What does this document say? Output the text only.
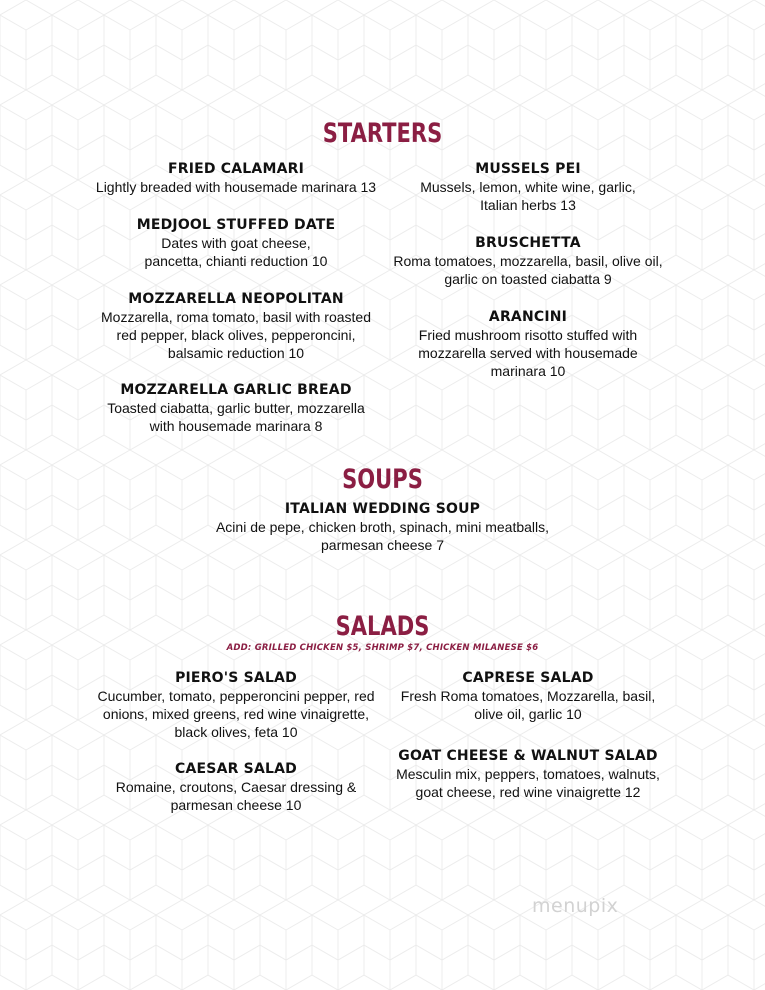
STARTERS
FRIED CALAMARI
Lightly breaded with housemade marinara 13
MEDJOOL STUFFED DATE
Dates with goat cheese, pancetta, chianti reduction 10
MOZZARELLA NEOPOLITAN
Mozzarella, roma tomato, basil with roasted red pepper, black olives, pepperoncini, balsamic reduction 10
MOZZARELLA GARLIC BREAD
Toasted ciabatta, garlic butter, mozzarella with housemade marinara 8
MUSSELS PEI
Mussels, lemon, white wine, garlic, Italian herbs 13
BRUSCHETTA
Roma tomatoes, mozzarella, basil, olive oil, garlic on toasted ciabatta 9
ARANCINI
Fried mushroom risotto stuffed with mozzarella served with housemade marinara 10
SOUPS
ITALIAN WEDDING SOUP
Acini de pepe, chicken broth, spinach, mini meatballs, parmesan cheese 7
SALADS
ADD: GRILLED CHICKEN $5, SHRIMP $7, CHICKEN MILANESE $6
PIERO'S SALAD
Cucumber, tomato, pepperoncini pepper, red onions, mixed greens, red wine vinaigrette, black olives, feta 10
CAESAR SALAD
Romaine, croutons, Caesar dressing & parmesan cheese 10
CAPRESE SALAD
Fresh Roma tomatoes, Mozzarella, basil, olive oil, garlic 10
GOAT CHEESE & WALNUT SALAD
Mesculin mix, peppers, tomatoes, walnuts, goat cheese, red wine vinaigrette 12
menupix
